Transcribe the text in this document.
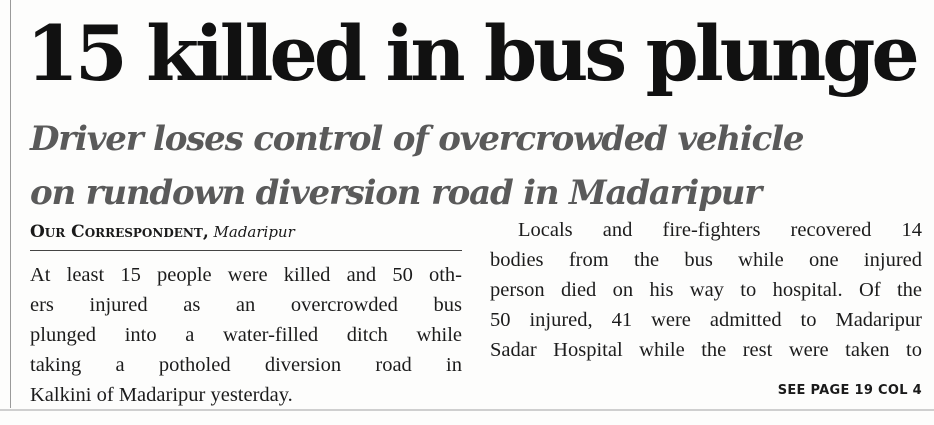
15 killed in bus plunge
Driver loses control of overcrowded vehicle
on rundown diversion road in Madaripur
Our Correspondent, Madaripur
At least 15 people were killed and 50 oth-
ers injured as an overcrowded bus
plunged into a water-filled ditch while
taking a potholed diversion road in
Kalkini of Madaripur yesterday.
Locals and fire-fighters recovered 14
bodies from the bus while one injured
person died on his way to hospital. Of the
50 injured, 41 were admitted to Madaripur
Sadar Hospital while the rest were taken to
SEE PAGE 19 COL 4
